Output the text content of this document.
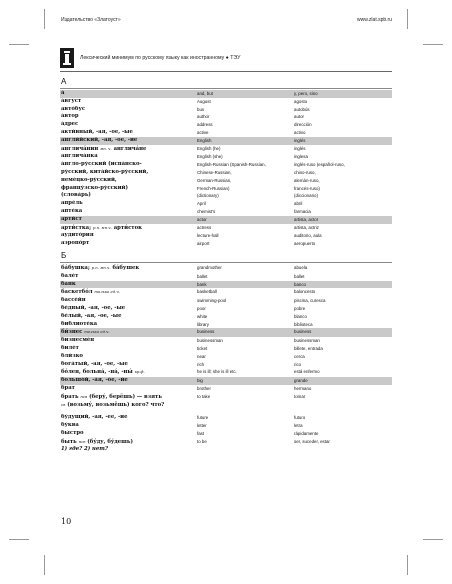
Издательство «Златоуст»	www.zlat.spb.ru
Лексический минимум по русскому языку как иностранному ● ТЭУ
А
а́	and, but	y, pero, sino
а́вгуст	August	agosto
авто́бус	bus	autobús
а́втор	author	autor
а́дрес	address	dirección
акти́вный, -ая, -ое, -ые	active	activo
англи́йский, -ая, -ое, -ие	English	inglés
англича́нин мн. ч. англича́не	English (he)	inglés
англича́нка	English (she)	inglesa
а́нгло-ру́сский (испа́нско-	English-Russian (Spanish-Russian,	inglés-ruso (español-ruso,
ру́сский, кита́йско-ру́сский,	Chinese-Russian,	chino-ruso,
неме́цко-ру́сский,	German-Russian,	alemán-ruso,
францу́зско-ру́сский)	French-Russian)	francés-ruso)
(слова́рь)	(dictionary)	(diccionario)
апре́ль	April	abril
апте́ка	chemist's	farmacia
арти́ст	actor	artista, actor
арти́стка; р.п. мн.ч. арти́сток	actress	artista, actriz
аудито́рия	lecture-hall	auditorio, aula
аэропо́рт	airport	aeropuerto
Б
ба́бушка; р.п. мн.ч. ба́бушек	grandmother	abuela
бале́т	ballet	ballet
банк	bank	banco
баскетбо́л только ед.ч.	basketball	baloncesto
бассе́йн	swimming-pool	piscina, curesca
бе́дный, -ая, -ое, -ые	poor	pobre
бе́лый, -ая, -ое, -ые	white	blanco
библиоте́ка	library	biblioteca
би́знес только ед.ч.	business	business
бизнесме́н	businessman	businessman
биле́т	ticket	billete, entrada
бли́зко	near	cerca
бога́тый, -ая, -ое, -ые	rich	rico
бо́лен, больна́, -на́, -ны́ кр.ф.	he is ill; she is ill etc.	está enfermo
большо́й, -а́я, -о́е, -и́е	big	grande
брат	brother	hermano
брать нсв (беру́, берёшь) — взять	to take	tomar
св (возьму́, возьмёшь) кого? что?
бу́дущий, -ая, -ее, -ие	future	futuro
бу́ква	letter	letra
бы́стро	fast	rápidamente
быть нсв (бу́ду, бу́дешь)	to be	ser, suceder, estar
1) где? 2) нет?
10
